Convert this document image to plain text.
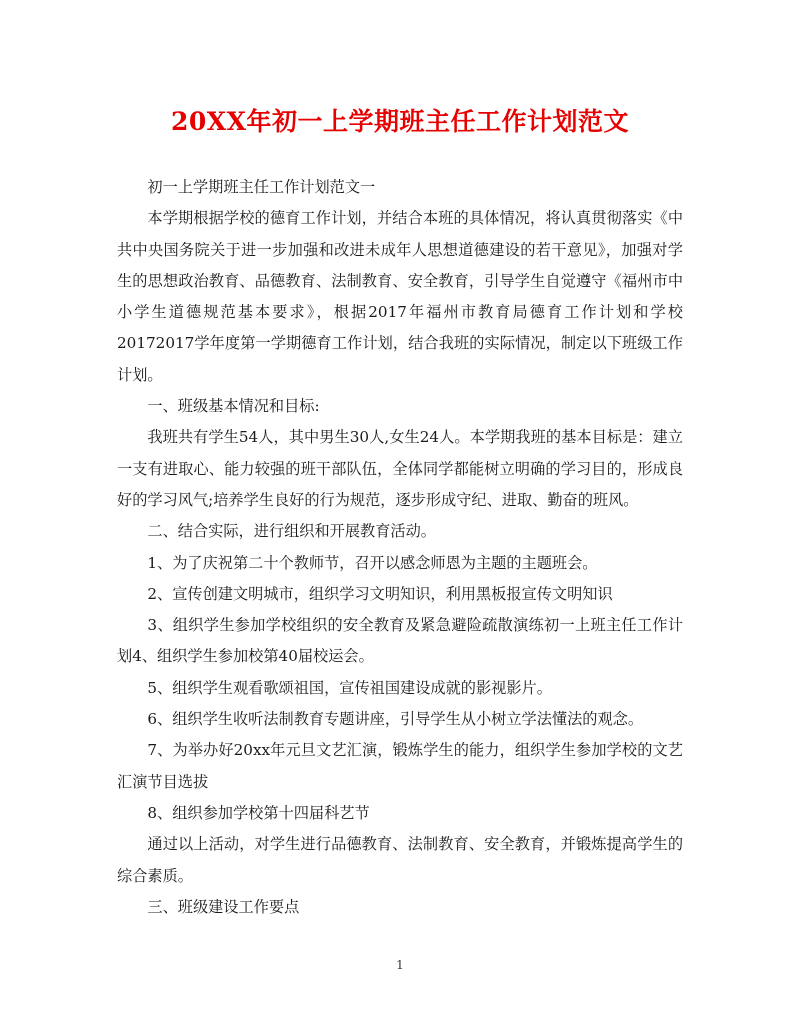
20XX年初一上学期班主任工作计划范文

初一上学期班主任工作计划范文一

本学期根据学校的德育工作计划，并结合本班的具体情况，将认真贯彻落实《中共中央国务院关于进一步加强和改进未成年人思想道德建设的若干意见》，加强对学生的思想政治教育、品德教育、法制教育、安全教育，引导学生自觉遵守《福州市中小学生道德规范基本要求》，根据2017年福州市教育局德育工作计划和学校20172017学年度第一学期德育工作计划，结合我班的实际情况，制定以下班级工作计划。

一、班级基本情况和目标:

我班共有学生54人，其中男生30人,女生24人。本学期我班的基本目标是：建立一支有进取心、能力较强的班干部队伍，全体同学都能树立明确的学习目的，形成良好的学习风气;培养学生良好的行为规范，逐步形成守纪、进取、勤奋的班风。

二、结合实际，进行组织和开展教育活动。

1、为了庆祝第二十个教师节，召开以感念师恩为主题的主题班会。

2、宣传创建文明城市，组织学习文明知识，利用黑板报宣传文明知识

3、组织学生参加学校组织的安全教育及紧急避险疏散演练初一上班主任工作计划4、组织学生参加校第40届校运会。

5、组织学生观看歌颂祖国，宣传祖国建设成就的影视影片。

6、组织学生收听法制教育专题讲座，引导学生从小树立学法懂法的观念。

7、为举办好20xx年元旦文艺汇演，锻炼学生的能力，组织学生参加学校的文艺汇演节目选拔

8、组织参加学校第十四届科艺节

通过以上活动，对学生进行品德教育、法制教育、安全教育，并锻炼提高学生的综合素质。

三、班级建设工作要点

1
